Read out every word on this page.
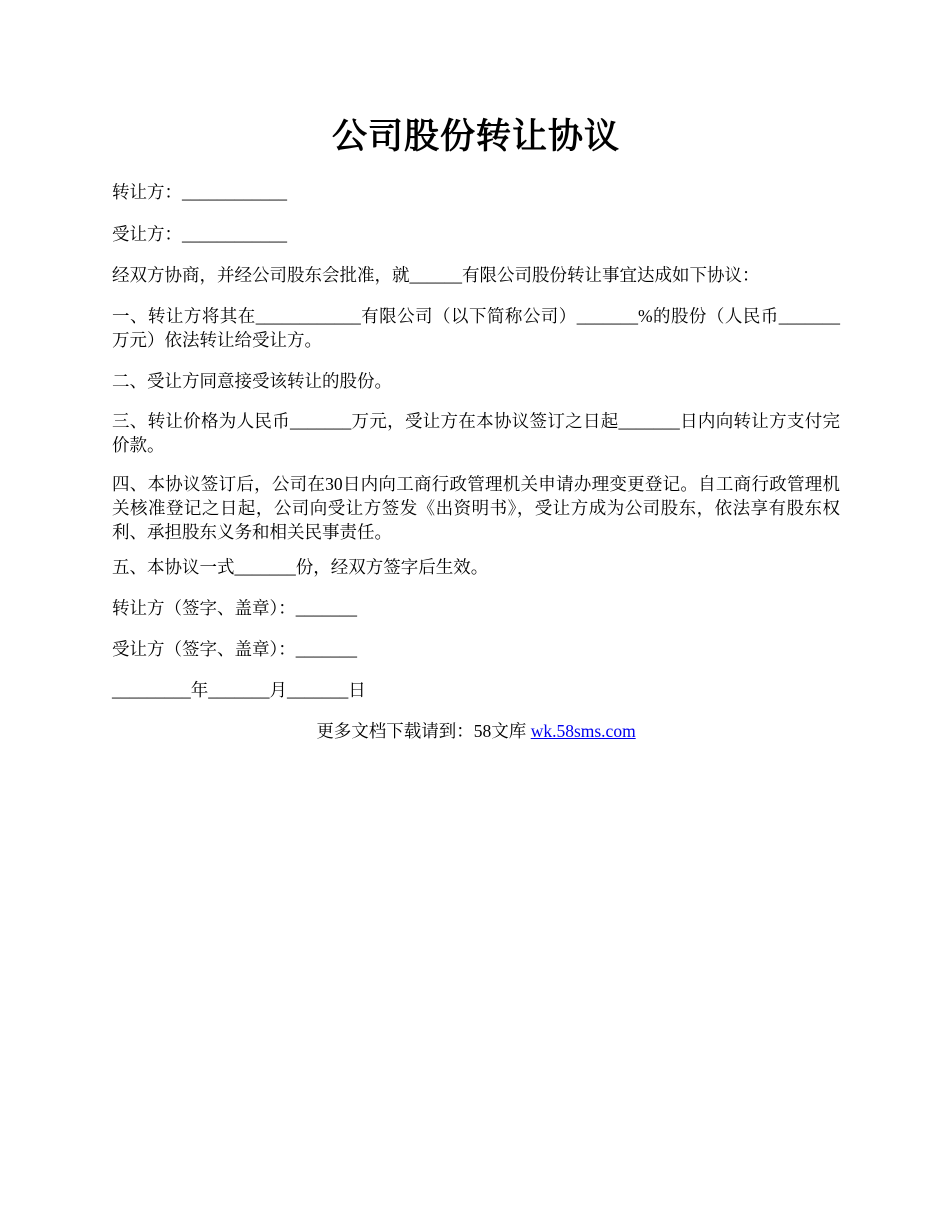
公司股份转让协议

转让方：____________

受让方：____________

经双方协商，并经公司股东会批准，就______有限公司股份转让事宜达成如下协议：

一、转让方将其在____________有限公司（以下简称公司）_______%的股份（人民币_______万元）依法转让给受让方。

二、受让方同意接受该转让的股份。

三、转让价格为人民币_______万元，受让方在本协议签订之日起_______日内向转让方支付完价款。

四、本协议签订后，公司在30日内向工商行政管理机关申请办理变更登记。自工商行政管理机关核准登记之日起，公司向受让方签发《出资明书》，受让方成为公司股东，依法享有股东权利、承担股东义务和相关民事责任。

五、本协议一式_______份，经双方签字后生效。

转让方（签字、盖章）：_______

受让方（签字、盖章）：_______

_________年_______月_______日

更多文档下载请到：58文库 wk.58sms.com
